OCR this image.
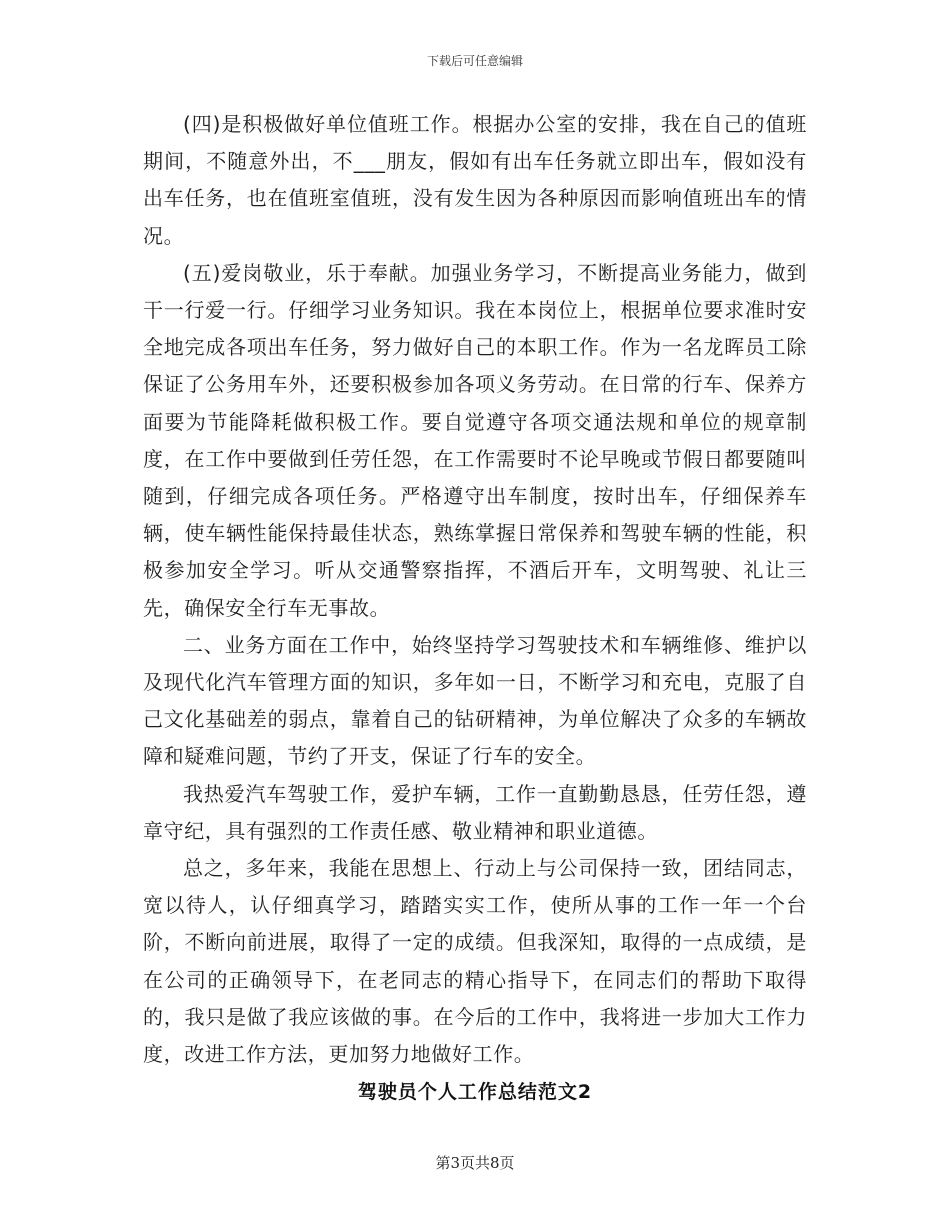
下载后可任意编辑

(四)是积极做好单位值班工作。根据办公室的安排，我在自己的值班期间，不随意外出，不___朋友，假如有出车任务就立即出车，假如没有出车任务，也在值班室值班，没有发生因为各种原因而影响值班出车的情况。

(五)爱岗敬业，乐于奉献。加强业务学习，不断提高业务能力，做到干一行爱一行。仔细学习业务知识。我在本岗位上，根据单位要求准时安全地完成各项出车任务，努力做好自己的本职工作。作为一名龙晖员工除保证了公务用车外，还要积极参加各项义务劳动。在日常的行车、保养方面要为节能降耗做积极工作。要自觉遵守各项交通法规和单位的规章制度，在工作中要做到任劳任怨，在工作需要时不论早晚或节假日都要随叫随到，仔细完成各项任务。严格遵守出车制度，按时出车，仔细保养车辆，使车辆性能保持最佳状态，熟练掌握日常保养和驾驶车辆的性能，积极参加安全学习。听从交通警察指挥，不酒后开车，文明驾驶、礼让三先，确保安全行车无事故。

二、业务方面在工作中，始终坚持学习驾驶技术和车辆维修、维护以及现代化汽车管理方面的知识，多年如一日，不断学习和充电，克服了自己文化基础差的弱点，靠着自己的钻研精神，为单位解决了众多的车辆故障和疑难问题，节约了开支，保证了行车的安全。

我热爱汽车驾驶工作，爱护车辆，工作一直勤勤恳恳，任劳任怨，遵章守纪，具有强烈的工作责任感、敬业精神和职业道德。

总之，多年来，我能在思想上、行动上与公司保持一致，团结同志，宽以待人，认仔细真学习，踏踏实实工作，使所从事的工作一年一个台阶，不断向前进展，取得了一定的成绩。但我深知，取得的一点成绩，是在公司的正确领导下，在老同志的精心指导下，在同志们的帮助下取得的，我只是做了我应该做的事。在今后的工作中，我将进一步加大工作力度，改进工作方法，更加努力地做好工作。

驾驶员个人工作总结范文2
第3页共8页
